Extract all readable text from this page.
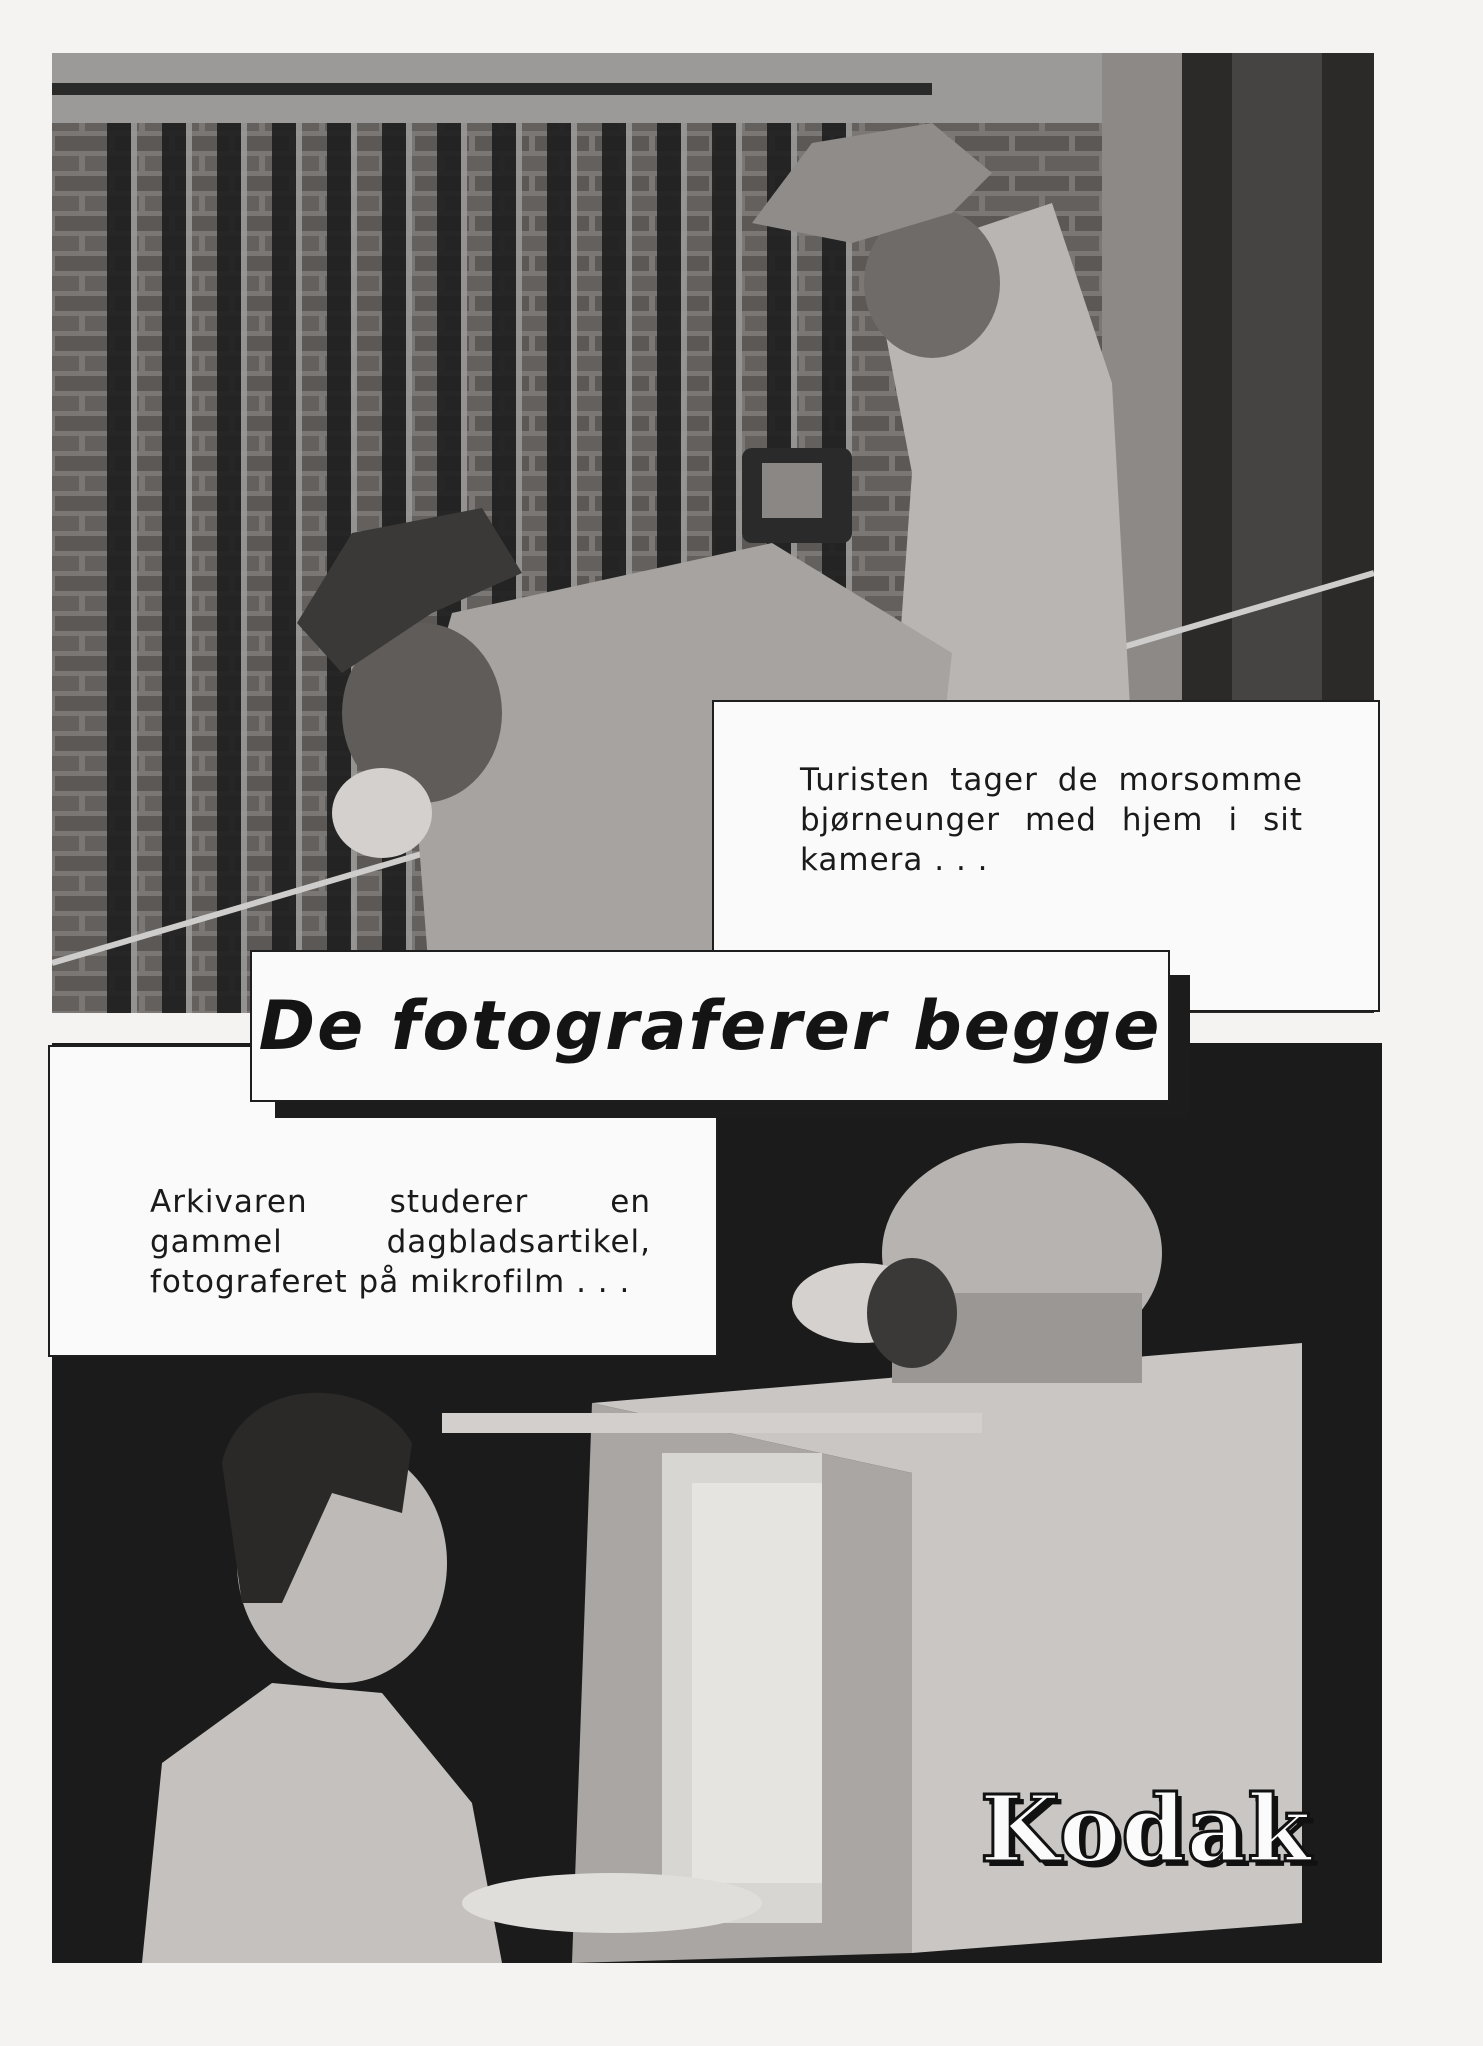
Turisten tager de morsomme bjørneunger med hjem i sit kamera . . .

Arkivaren studerer en gammel dagbladsartikel, fotograferet på mikrofilm . . .

De fotograferer begge
Kodak
